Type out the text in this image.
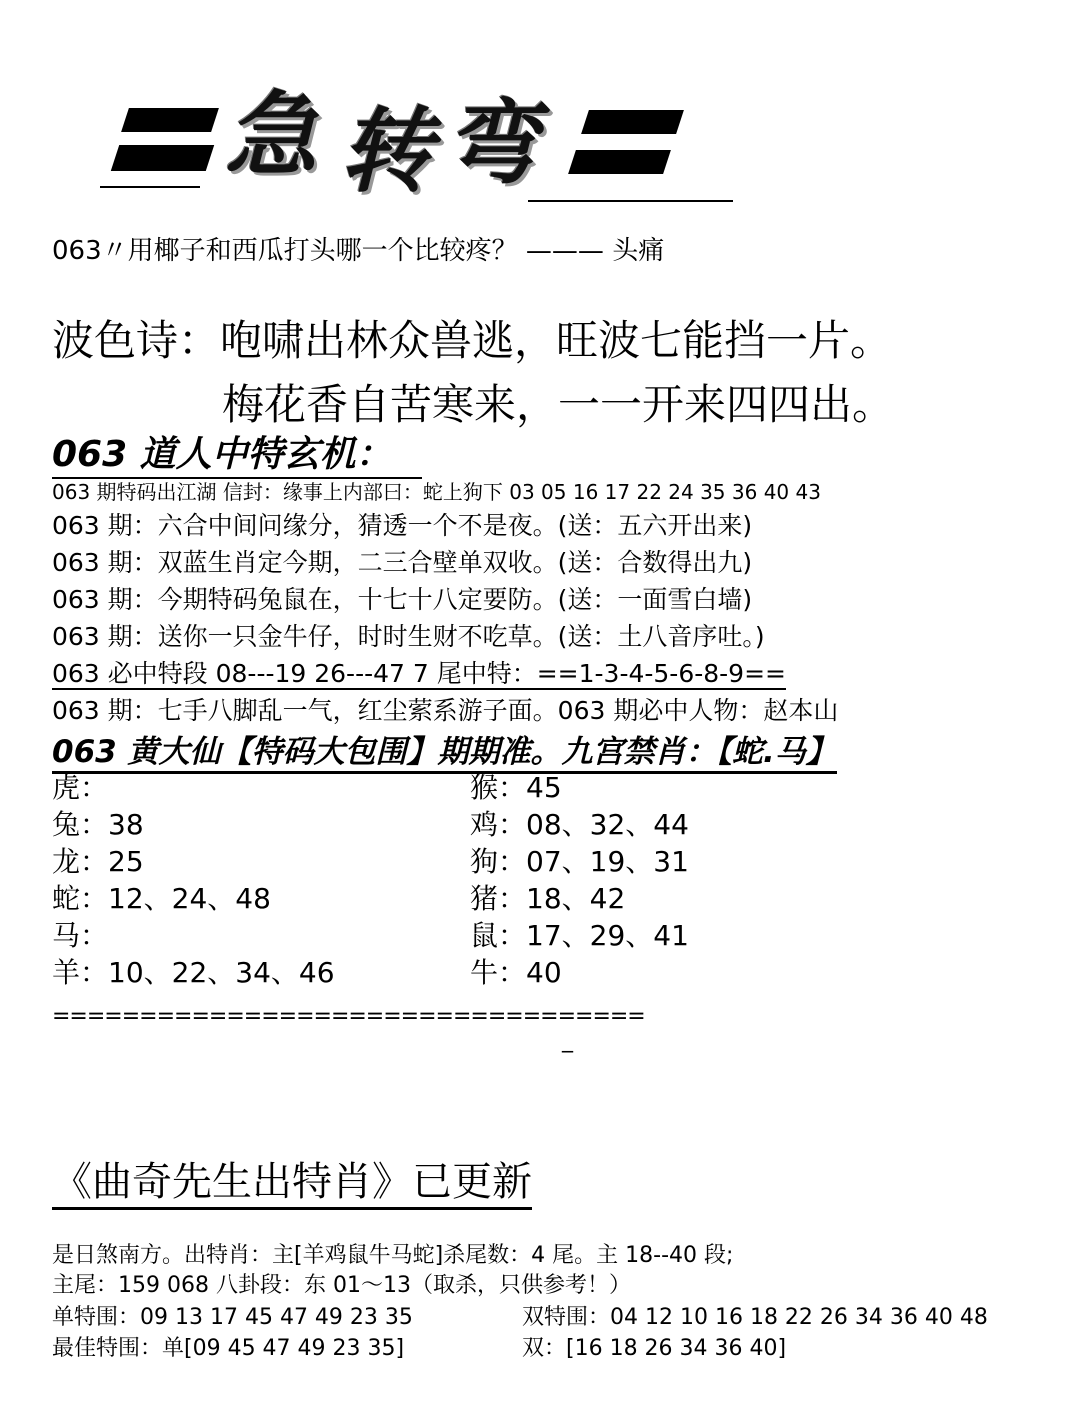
急 转 弯
063〃用椰子和西瓜打头哪一个比较疼？ ——— 头痛
波色诗：咆啸出林众兽逃，旺波七能挡一片。
梅花香自苦寒来，一一开来四四出。
063 道人中特玄机：
063 期特码出江湖 信封：缘事上内部曰：蛇上狗下 03 05 16 17 22 24 35 36 40 43
063 期：六合中间问缘分，猜透一个不是夜。(送：五六开出来)
063 期：双蓝生肖定今期，二三合壁单双收。(送：合数得出九)
063 期：今期特码兔鼠在，十七十八定要防。(送：一面雪白墙)
063 期：送你一只金牛仔，时时生财不吃草。(送：土八音序吐。)
063 必中特段 08---19 26---47 7 尾中特：==1-3-4-5-6-8-9==
063 期：七手八脚乱一气，红尘萦系游子面。063 期必中人物：赵本山
063 黄大仙【特码大包围】期期准。九宫禁肖：【蛇.马】
虎：
兔：38
龙：25
蛇：12、24、48
马：
羊：10、22、34、46
猴：45
鸡：08、32、44
狗：07、19、31
猪：18、42
鼠：17、29、41
牛：40
==================================
_
《曲奇先生出特肖》已更新
是日煞南方。出特肖：主[羊鸡鼠牛马蛇]杀尾数：4 尾。主 18--40 段;
主尾：159 068 八卦段：东 01～13（取杀，只供参考！）
单特围：09 13 17 45 47 49 23 35	双特围：04 12 10 16 18 22 26 34 36 40 48
最佳特围：单[09 45 47 49 23 35]	双：[16 18 26 34 36 40]
